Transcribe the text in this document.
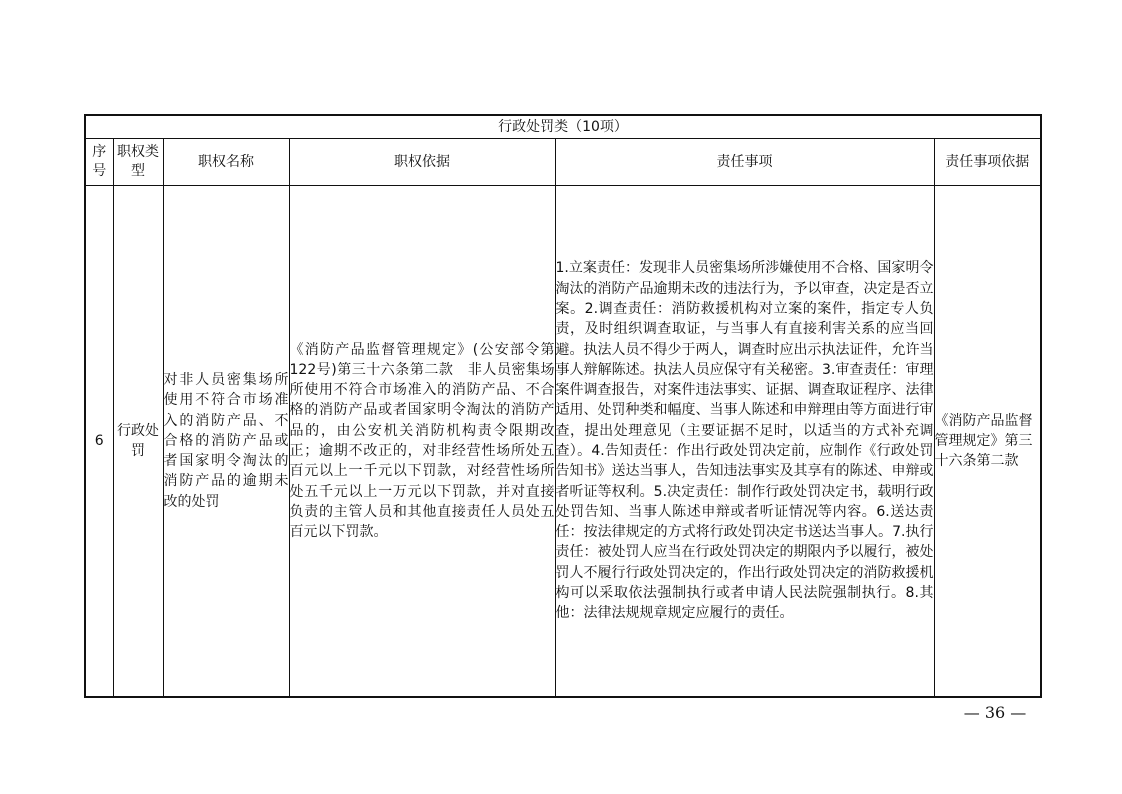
行政处罚类（10项）					
序号	职权类型	职权名称	职权依据	责任事项	责任事项依据
6	行政处罚	对非人员密集场所使用不符合市场准入的消防产品、不合格的消防产品或者国家明令淘汰的消防产品的逾期未改的处罚	《消防产品监督管理规定》(公安部令第122号)第三十六条第二款　非人员密集场所使用不符合市场准入的消防产品、不合格的消防产品或者国家明令淘汰的消防产品的，由公安机关消防机构责令限期改正；逾期不改正的，对非经营性场所处五百元以上一千元以下罚款，对经营性场所处五千元以上一万元以下罚款，并对直接负责的主管人员和其他直接责任人员处五百元以下罚款。	1.立案责任：发现非人员密集场所涉嫌使用不合格、国家明令淘汰的消防产品逾期未改的违法行为，予以审查，决定是否立案。2.调查责任：消防救援机构对立案的案件，指定专人负责，及时组织调查取证，与当事人有直接利害关系的应当回避。执法人员不得少于两人，调查时应出示执法证件，允许当事人辩解陈述。执法人员应保守有关秘密。3.审查责任：审理案件调查报告，对案件违法事实、证据、调查取证程序、法律适用、处罚种类和幅度、当事人陈述和申辩理由等方面进行审查，提出处理意见（主要证据不足时，以适当的方式补充调查）。4.告知责任：作出行政处罚决定前，应制作《行政处罚告知书》送达当事人，告知违法事实及其享有的陈述、申辩或者听证等权利。5.决定责任：制作行政处罚决定书，载明行政处罚告知、当事人陈述申辩或者听证情况等内容。6.送达责任：按法律规定的方式将行政处罚决定书送达当事人。7.执行责任：被处罚人应当在行政处罚决定的期限内予以履行，被处罚人不履行行政处罚决定的，作出行政处罚决定的消防救援机构可以采取依法强制执行或者申请人民法院强制执行。8.其他：法律法规规章规定应履行的责任。	《消防产品监督管理规定》第三十六条第二款
— 36 —
